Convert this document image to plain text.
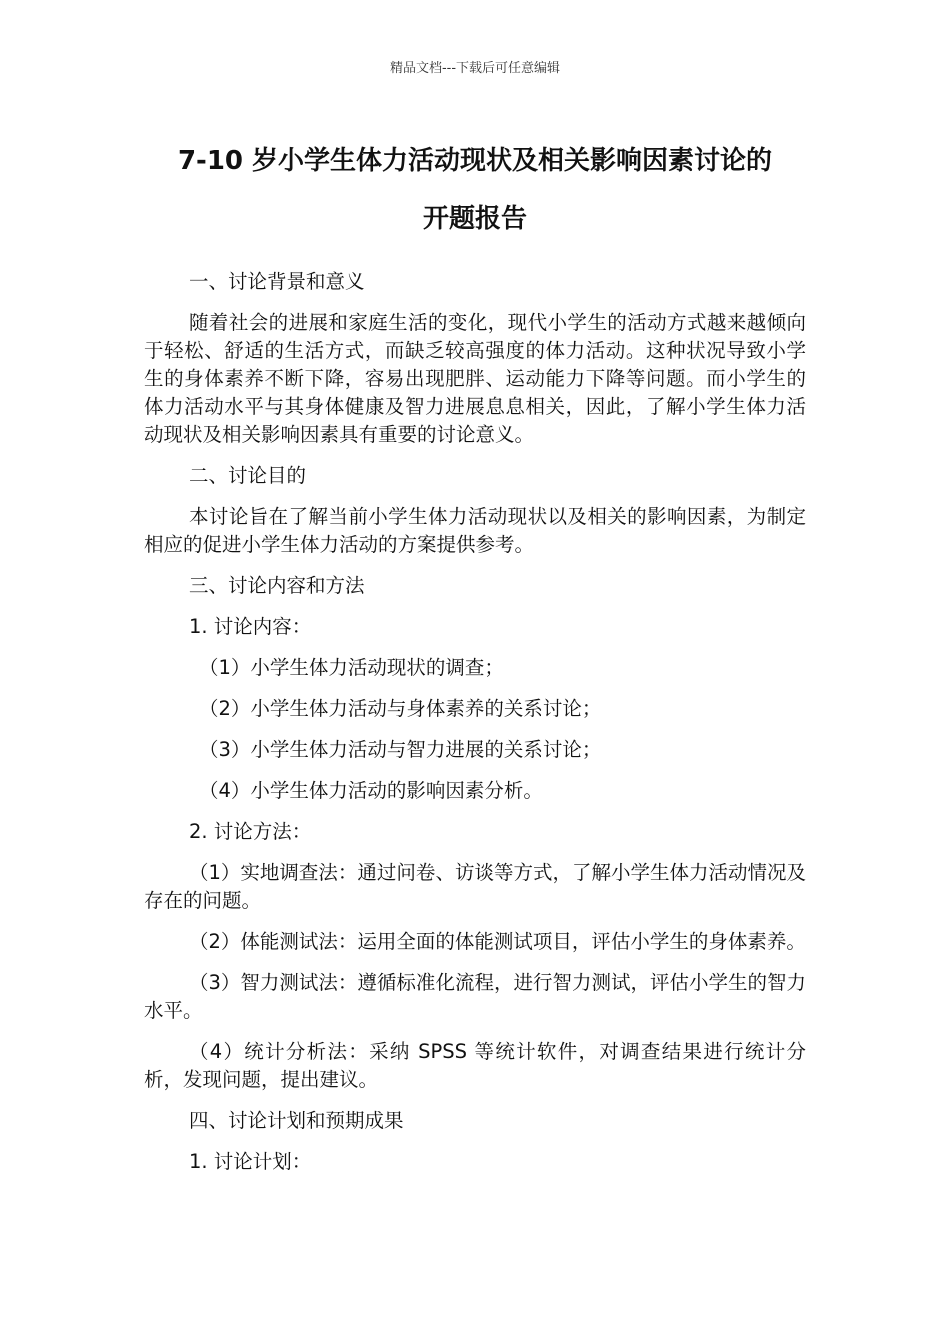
精品文档---下载后可任意编辑
7-10 岁小学生体力活动现状及相关影响因素讨论的
开题报告

一、讨论背景和意义

随着社会的进展和家庭生活的变化，现代小学生的活动方式越来越倾向于轻松、舒适的生活方式，而缺乏较高强度的体力活动。这种状况导致小学生的身体素养不断下降，容易出现肥胖、运动能力下降等问题。而小学生的体力活动水平与其身体健康及智力进展息息相关，因此，了解小学生体力活动现状及相关影响因素具有重要的讨论意义。

二、讨论目的

本讨论旨在了解当前小学生体力活动现状以及相关的影响因素，为制定相应的促进小学生体力活动的方案提供参考。

三、讨论内容和方法

1. 讨论内容：

（1）小学生体力活动现状的调查；

（2）小学生体力活动与身体素养的关系讨论；

（3）小学生体力活动与智力进展的关系讨论；

（4）小学生体力活动的影响因素分析。

2. 讨论方法：

（1）实地调查法：通过问卷、访谈等方式，了解小学生体力活动情况及存在的问题。

（2）体能测试法：运用全面的体能测试项目，评估小学生的身体素养。

（3）智力测试法：遵循标准化流程，进行智力测试，评估小学生的智力水平。

（4）统计分析法：采纳 SPSS 等统计软件，对调查结果进行统计分析，发现问题，提出建议。

四、讨论计划和预期成果

1. 讨论计划：
